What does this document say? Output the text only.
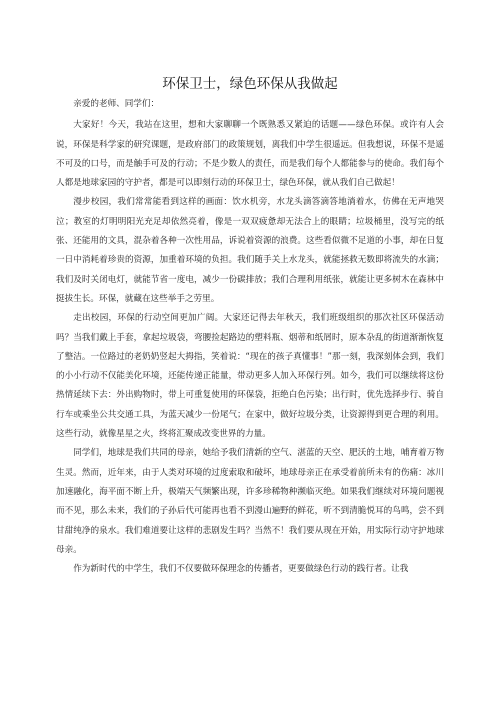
环保卫士，绿色环保从我做起

亲爱的老师、同学们：

大家好！今天，我站在这里，想和大家聊聊一个既熟悉又紧迫的话题——绿色环保。或许有人会说，环保是科学家的研究课题，是政府部门的政策规划，离我们中学生很遥远。但我想说，环保不是遥不可及的口号，而是触手可及的行动；不是少数人的责任，而是我们每个人都能参与的使命。我们每个人都是地球家园的守护者，都是可以即刻行动的环保卫士，绿色环保，就从我们自己做起！

漫步校园，我们常常能看到这样的画面：饮水机旁，水龙头滴答滴答地淌着水，仿佛在无声地哭泣；教室的灯明明阳光充足却依然亮着，像是一双双疲惫却无法合上的眼睛；垃圾桶里，没写完的纸张、还能用的文具，混杂着各种一次性用品，诉说着资源的浪费。这些看似微不足道的小事，却在日复一日中消耗着珍贵的资源，加重着环境的负担。我们随手关上水龙头，就能拯救无数即将流失的水滴；我们及时关闭电灯，就能节省一度电，减少一份碳排放；我们合理利用纸张，就能让更多树木在森林中挺拔生长。环保，就藏在这些举手之劳里。

走出校园，环保的行动空间更加广阔。大家还记得去年秋天，我们班级组织的那次社区环保活动吗？当我们戴上手套，拿起垃圾袋，弯腰捡起路边的塑料瓶、烟蒂和纸屑时，原本杂乱的街道渐渐恢复了整洁。一位路过的老奶奶竖起大拇指，笑着说：“现在的孩子真懂事！”那一刻，我深刻体会到，我们的小小行动不仅能美化环境，还能传递正能量，带动更多人加入环保行列。如今，我们可以继续将这份热情延续下去：外出购物时，带上可重复使用的环保袋，拒绝白色污染；出行时，优先选择步行、骑自行车或乘坐公共交通工具，为蓝天减少一份尾气；在家中，做好垃圾分类，让资源得到更合理的利用。这些行动，就像星星之火，终将汇聚成改变世界的力量。

同学们，地球是我们共同的母亲，她给予我们清新的空气、湛蓝的天空、肥沃的土地，哺育着万物生灵。然而，近年来，由于人类对环境的过度索取和破坏，地球母亲正在承受着前所未有的伤痛：冰川加速融化，海平面不断上升，极端天气频繁出现，许多珍稀物种濒临灭绝。如果我们继续对环境问题视而不见，那么未来，我们的子孙后代可能再也看不到漫山遍野的鲜花，听不到清脆悦耳的鸟鸣，尝不到甘甜纯净的泉水。我们难道要让这样的悲剧发生吗？当然不！我们要从现在开始，用实际行动守护地球母亲。

作为新时代的中学生，我们不仅要做环保理念的传播者，更要做绿色行动的践行者。让我
